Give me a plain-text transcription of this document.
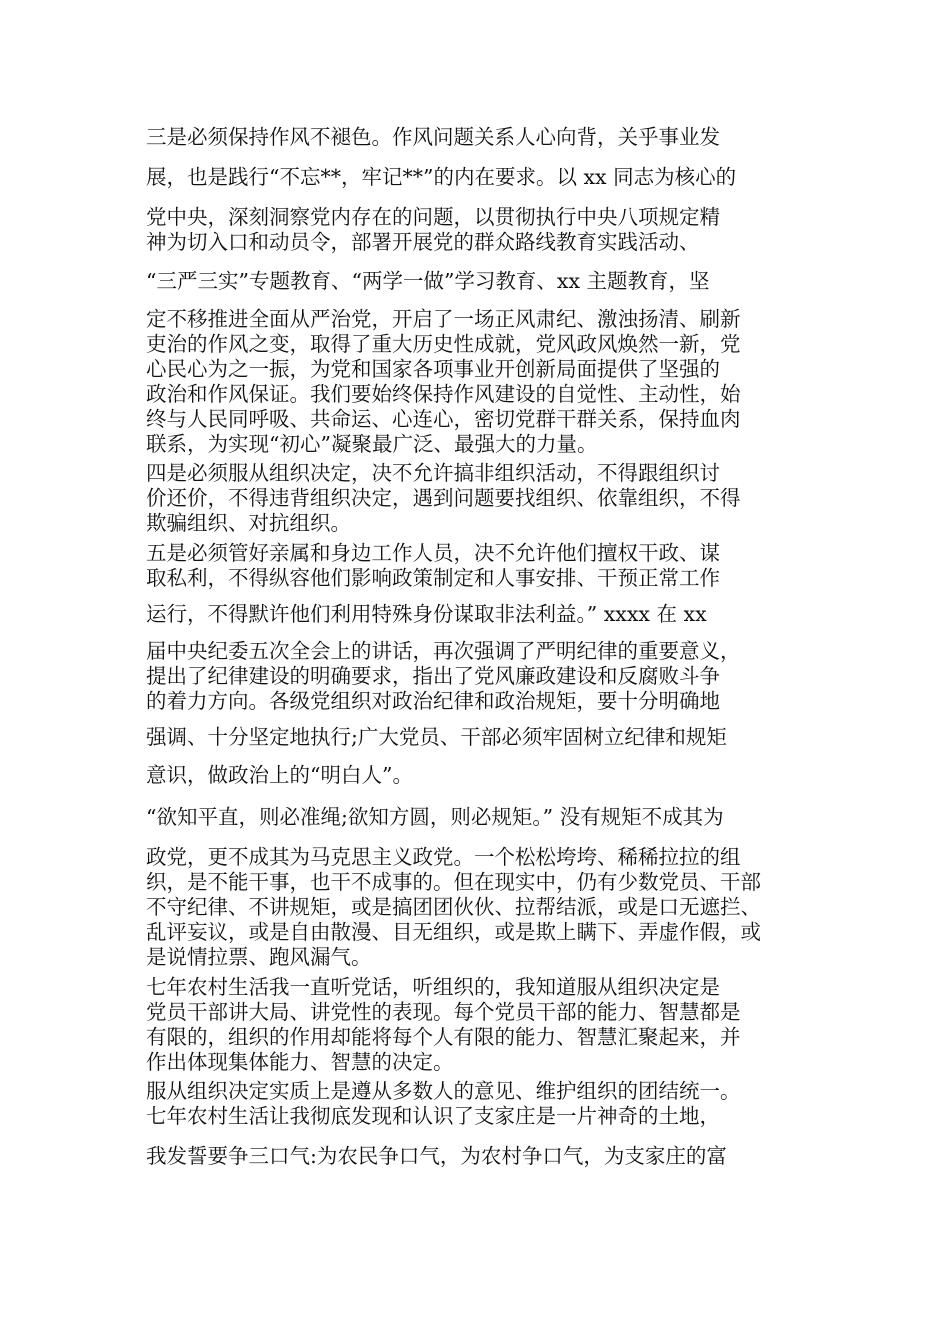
三是必须保持作风不褪色。作风问题关系人心向背，关乎事业发

展，也是践行“不忘**，牢记**”的内在要求。以 xx 同志为核心的

党中央，深刻洞察党内存在的问题，以贯彻执行中央八项规定精

神为切入口和动员令，部署开展党的群众路线教育实践活动、

“三严三实”专题教育、“两学一做”学习教育、xx 主题教育，坚

定不移推进全面从严治党，开启了一场正风肃纪、激浊扬清、刷新

吏治的作风之变，取得了重大历史性成就，党风政风焕然一新，党

心民心为之一振，为党和国家各项事业开创新局面提供了坚强的

政治和作风保证。我们要始终保持作风建设的自觉性、主动性，始

终与人民同呼吸、共命运、心连心，密切党群干群关系，保持血肉

联系，为实现“初心”凝聚最广泛、最强大的力量。

四是必须服从组织决定，决不允许搞非组织活动，不得跟组织讨

价还价，不得违背组织决定，遇到问题要找组织、依靠组织，不得

欺骗组织、对抗组织。

五是必须管好亲属和身边工作人员，决不允许他们擅权干政、谋

取私利，不得纵容他们影响政策制定和人事安排、干预正常工作

运行，不得默许他们利用特殊身份谋取非法利益。” xxxx 在 xx

届中央纪委五次全会上的讲话，再次强调了严明纪律的重要意义，

提出了纪律建设的明确要求，指出了党风廉政建设和反腐败斗争

的着力方向。各级党组织对政治纪律和政治规矩，要十分明确地

强调、十分坚定地执行;广大党员、干部必须牢固树立纪律和规矩

意识，做政治上的“明白人”。

“欲知平直，则必准绳;欲知方圆，则必规矩。” 没有规矩不成其为

政党，更不成其为马克思主义政党。一个松松垮垮、稀稀拉拉的组

织，是不能干事，也干不成事的。但在现实中，仍有少数党员、干部

不守纪律、不讲规矩，或是搞团团伙伙、拉帮结派，或是口无遮拦、

乱评妄议，或是自由散漫、目无组织，或是欺上瞒下、弄虚作假，或

是说情拉票、跑风漏气。

七年农村生活我一直听党话，听组织的，我知道服从组织决定是

党员干部讲大局、讲党性的表现。每个党员干部的能力、智慧都是

有限的，组织的作用却能将每个人有限的能力、智慧汇聚起来，并

作出体现集体能力、智慧的决定。

服从组织决定实质上是遵从多数人的意见、维护组织的团结统一。

七年农村生活让我彻底发现和认识了支家庄是一片神奇的土地，

我发誓要争三口气:为农民争口气，为农村争口气，为支家庄的富
